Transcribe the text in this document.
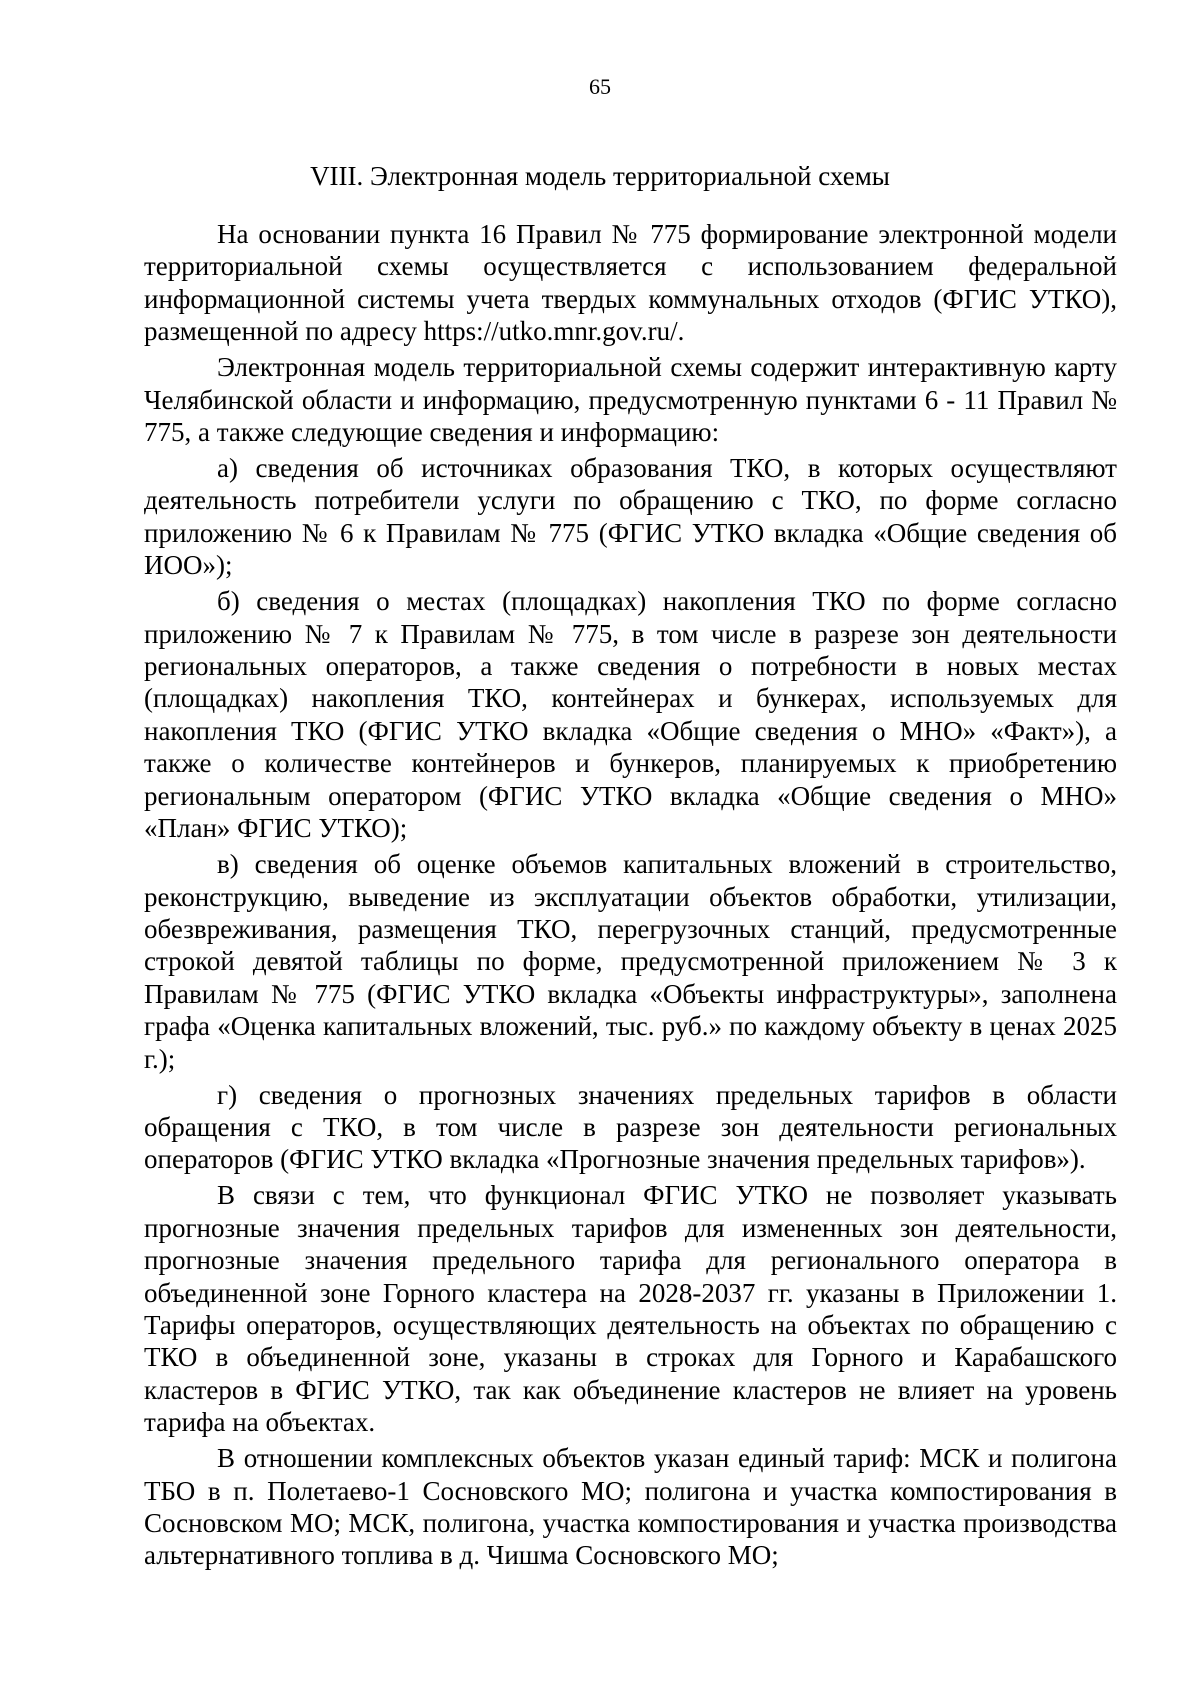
65
VIII. Электронная модель территориальной схемы

На основании пункта 16 Правил № 775 формирование электронной модели территориальной схемы осуществляется с использованием федеральной информационной системы учета твердых коммунальных отходов (ФГИС УТКО), размещенной по адресу https://utko.mnr.gov.ru/.

Электронная модель территориальной схемы содержит интерактивную карту Челябинской области и информацию, предусмотренную пунктами 6 - 11 Правил № 775, а также следующие сведения и информацию:

а) сведения об источниках образования ТКО, в которых осуществляют деятельность потребители услуги по обращению с ТКО, по форме согласно приложению № 6 к Правилам № 775 (ФГИС УТКО вкладка «Общие сведения об ИОО»);

б) сведения о местах (площадках) накопления ТКО по форме согласно приложению № 7 к Правилам № 775, в том числе в разрезе зон деятельности региональных операторов, а также сведения о потребности в новых местах (площадках) накопления ТКО, контейнерах и бункерах, используемых для накопления ТКО (ФГИС УТКО вкладка «Общие сведения о МНО» «Факт»), а также о количестве контейнеров и бункеров, планируемых к приобретению региональным оператором (ФГИС УТКО вкладка «Общие сведения о МНО» «План» ФГИС УТКО);

в) сведения об оценке объемов капитальных вложений в строительство, реконструкцию, выведение из эксплуатации объектов обработки, утилизации, обезвреживания, размещения ТКО, перегрузочных станций, предусмотренные строкой девятой таблицы по форме, предусмотренной приложением № 3 к Правилам № 775 (ФГИС УТКО вкладка «Объекты инфраструктуры», заполнена графа «Оценка капитальных вложений, тыс. руб.» по каждому объекту в ценах 2025 г.);

г) сведения о прогнозных значениях предельных тарифов в области обращения с ТКО, в том числе в разрезе зон деятельности региональных операторов (ФГИС УТКО вкладка «Прогнозные значения предельных тарифов»).

В связи с тем, что функционал ФГИС УТКО не позволяет указывать прогнозные значения предельных тарифов для измененных зон деятельности, прогнозные значения предельного тарифа для регионального оператора в объединенной зоне Горного кластера на 2028-2037 гг. указаны в Приложении 1. Тарифы операторов, осуществляющих деятельность на объектах по обращению с ТКО в объединенной зоне, указаны в строках для Горного и Карабашского кластеров в ФГИС УТКО, так как объединение кластеров не влияет на уровень тарифа на объектах.

В отношении комплексных объектов указан единый тариф: МСК и полигона ТБО в п. Полетаево-1 Сосновского МО; полигона и участка компостирования в Сосновском МО; МСК, полигона, участка компостирования и участка производства альтернативного топлива в д. Чишма Сосновского МО;
